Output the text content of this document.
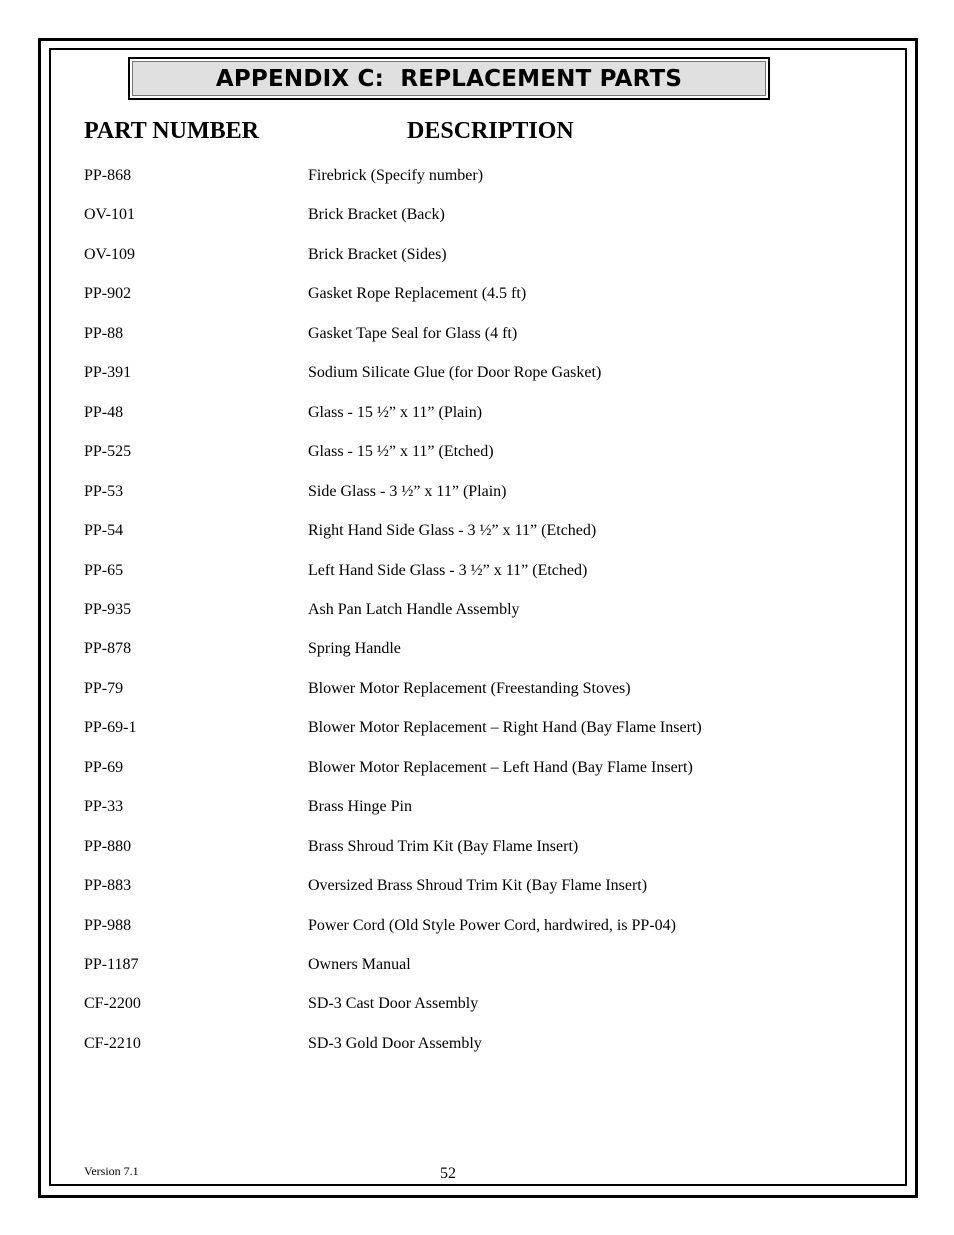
APPENDIX C:  REPLACEMENT PARTS
PART NUMBER	DESCRIPTION
PP-868	Firebrick (Specify number)
OV-101	Brick Bracket (Back)
OV-109	Brick Bracket (Sides)
PP-902	Gasket Rope Replacement (4.5 ft)
PP-88	Gasket Tape Seal for Glass (4 ft)
PP-391	Sodium Silicate Glue (for Door Rope Gasket)
PP-48	Glass - 15 ½” x 11” (Plain)
PP-525	Glass - 15 ½” x 11” (Etched)
PP-53	Side Glass - 3 ½” x 11” (Plain)
PP-54	Right Hand Side Glass - 3 ½” x 11” (Etched)
PP-65	Left Hand Side Glass - 3 ½” x 11” (Etched)
PP-935	Ash Pan Latch Handle Assembly
PP-878	Spring Handle
PP-79	Blower Motor Replacement (Freestanding Stoves)
PP-69-1	Blower Motor Replacement – Right Hand (Bay Flame Insert)
PP-69	Blower Motor Replacement – Left Hand (Bay Flame Insert)
PP-33	Brass Hinge Pin
PP-880	Brass Shroud Trim Kit (Bay Flame Insert)
PP-883	Oversized Brass Shroud Trim Kit (Bay Flame Insert)
PP-988	Power Cord (Old Style Power Cord, hardwired, is PP-04)
PP-1187	Owners Manual
CF-2200	SD-3 Cast Door Assembly
CF-2210	SD-3 Gold Door Assembly
Version 7.1	52
